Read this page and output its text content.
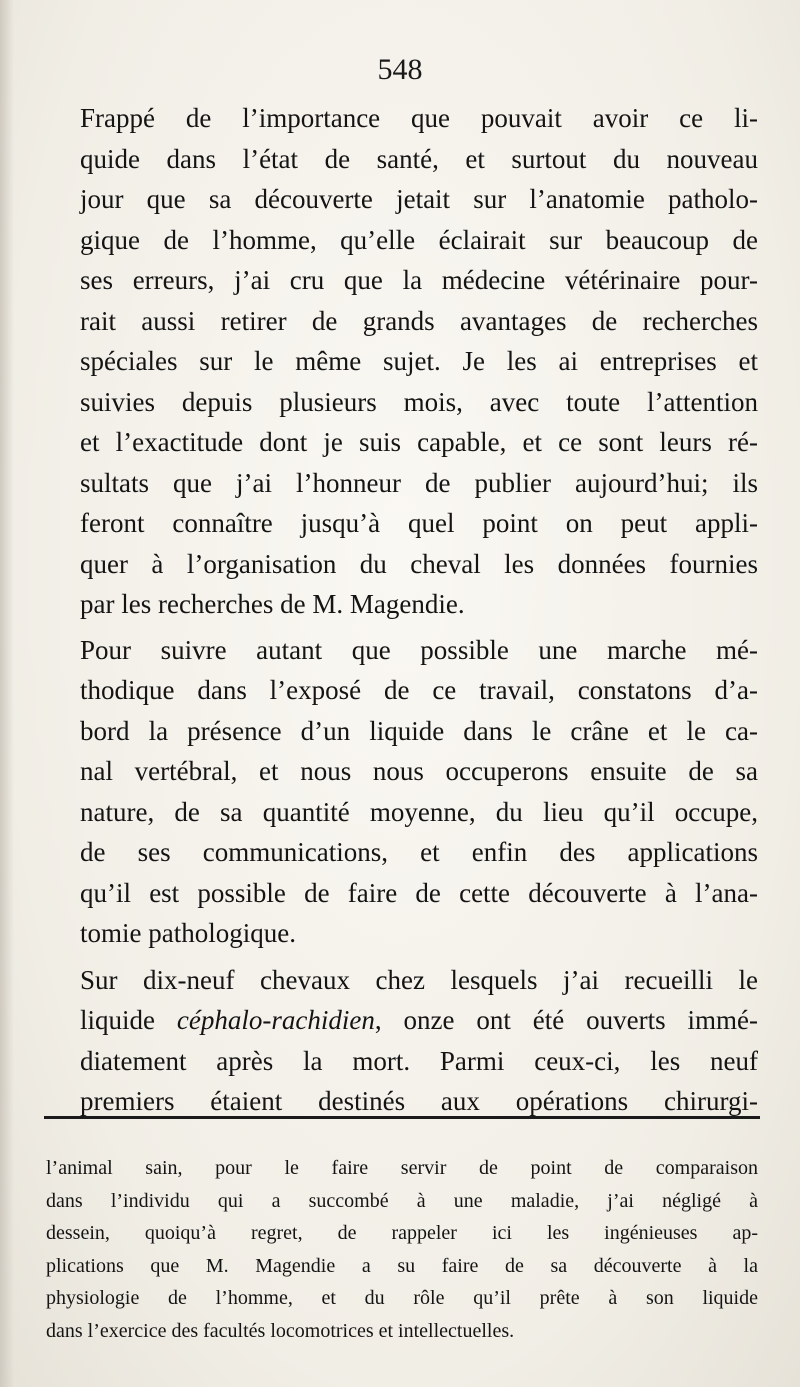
548

Frappé de l’importance que pouvait avoir ce li-
quide dans l’état de santé, et surtout du nouveau
jour que sa découverte jetait sur l’anatomie patholo-
gique de l’homme, qu’elle éclairait sur beaucoup de
ses erreurs, j’ai cru que la médecine vétérinaire pour-
rait aussi retirer de grands avantages de recherches
spéciales sur le même sujet. Je les ai entreprises et
suivies depuis plusieurs mois, avec toute l’attention
et l’exactitude dont je suis capable, et ce sont leurs ré-
sultats que j’ai l’honneur de publier aujourd’hui; ils
feront connaître jusqu’à quel point on peut appli-
quer à l’organisation du cheval les données fournies
par les recherches de M. Magendie.

Pour suivre autant que possible une marche mé-
thodique dans l’exposé de ce travail, constatons d’a-
bord la présence d’un liquide dans le crâne et le ca-
nal vertébral, et nous nous occuperons ensuite de sa
nature, de sa quantité moyenne, du lieu qu’il occupe,
de ses communications, et enfin des applications
qu’il est possible de faire de cette découverte à l’ana-
tomie pathologique.

Sur dix-neuf chevaux chez lesquels j’ai recueilli le
liquide céphalo-rachidien, onze ont été ouverts immé-
diatement après la mort. Parmi ceux-ci, les neuf
premiers étaient destinés aux opérations chirurgi-

l’animal sain, pour le faire servir de point de comparaison
dans l’individu qui a succombé à une maladie, j’ai négligé à
dessein, quoiqu’à regret, de rappeler ici les ingénieuses ap-
plications que M. Magendie a su faire de sa découverte à la
physiologie de l’homme, et du rôle qu’il prête à son liquide
dans l’exercice des facultés locomotrices et intellectuelles.
